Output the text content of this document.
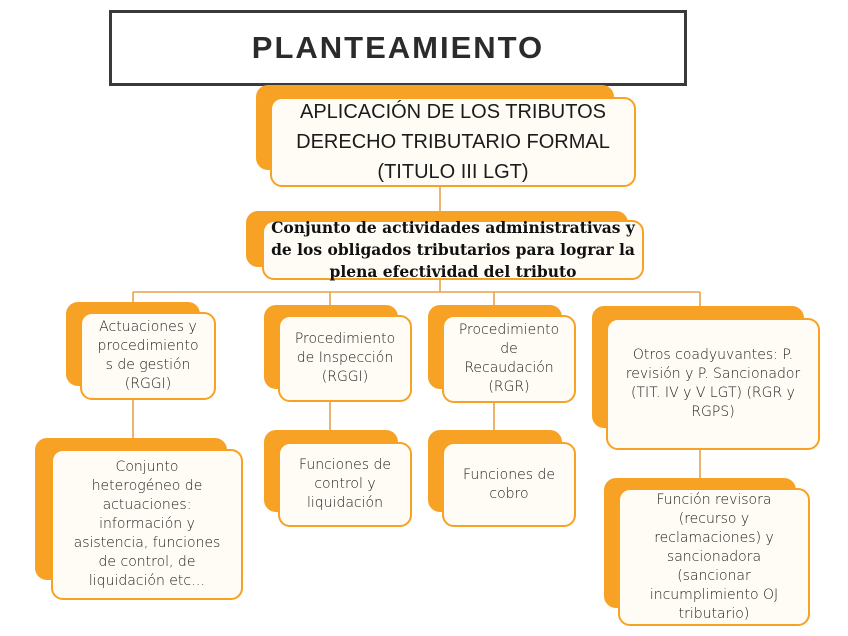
PLANTEAMIENTO
APLICACIÓN DE LOS TRIBUTOS
DERECHO TRIBUTARIO FORMAL
(TITULO III LGT)
Conjunto de actividades administrativas y
de los obligados tributarios para lograr la
plena efectividad del tributo
Actuaciones y
procedimiento
s de gestión
(RGGI)
Procedimiento
de Inspección
(RGGI)
Procedimiento
de
Recaudación
(RGR)
Otros coadyuvantes: P.
revisión y P. Sancionador
(TIT. IV y V LGT) (RGR y
RGPS)
Conjunto
heterogéneo de
actuaciones:
información y
asistencia, funciones
de control, de
liquidación etc…
Funciones de
control y
liquidación
Funciones de
cobro	Función revisora
(recurso y
reclamaciones) y
sancionadora
(sancionar
incumplimiento OJ
tributario)
